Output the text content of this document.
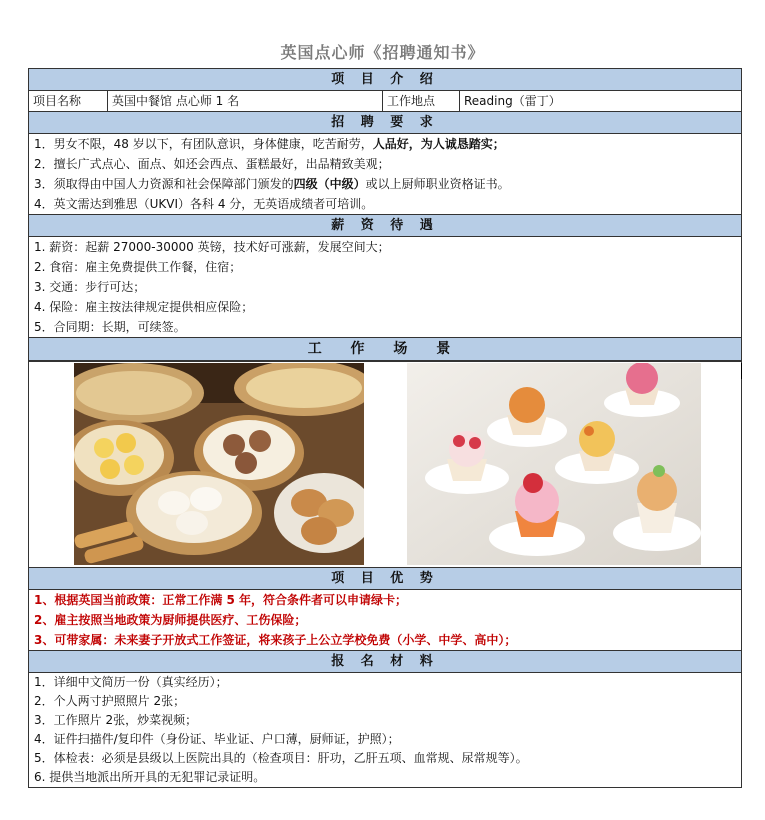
英国点心师《招聘通知书》
项 目 介 绍
项目名称	英国中餐馆 点心师 1 名	工作地点	Reading（雷丁）
招 聘 要 求
1．男女不限，48 岁以下，有团队意识，身体健康，吃苦耐劳，人品好，为人诚恳踏实；
2．擅长广式点心、面点、如还会西点、蛋糕最好，出品精致美观；
3．须取得由中国人力资源和社会保障部门颁发的四级（中级）或以上厨师职业资格证书。
4．英文需达到雅思（UKVI）各科 4 分，无英语成绩者可培训。
薪 资 待 遇
1. 薪资：起薪 27000-30000 英镑，技术好可涨薪，发展空间大；
2. 食宿：雇主免费提供工作餐，住宿；
3. 交通：步行可达；
4. 保险：雇主按法律规定提供相应保险；
5．合同期：长期，可续签。
工 作 场 景
项 目 优 势
1、根据英国当前政策：正常工作满 5 年，符合条件者可以申请绿卡；
2、雇主按照当地政策为厨师提供医疗、工伤保险；
3、可带家属：未来妻子开放式工作签证，将来孩子上公立学校免费（小学、中学、高中）；
报 名 材 料
1．详细中文简历一份（真实经历）；
2．个人两寸护照照片 2张；
3．工作照片 2张，炒菜视频；
4．证件扫描件/复印件（身份证、毕业证、户口薄，厨师证，护照）；
5．体检表：必须是县级以上医院出具的（检查项目：肝功，乙肝五项、血常规、尿常规等）。
6. 提供当地派出所开具的无犯罪记录证明。
